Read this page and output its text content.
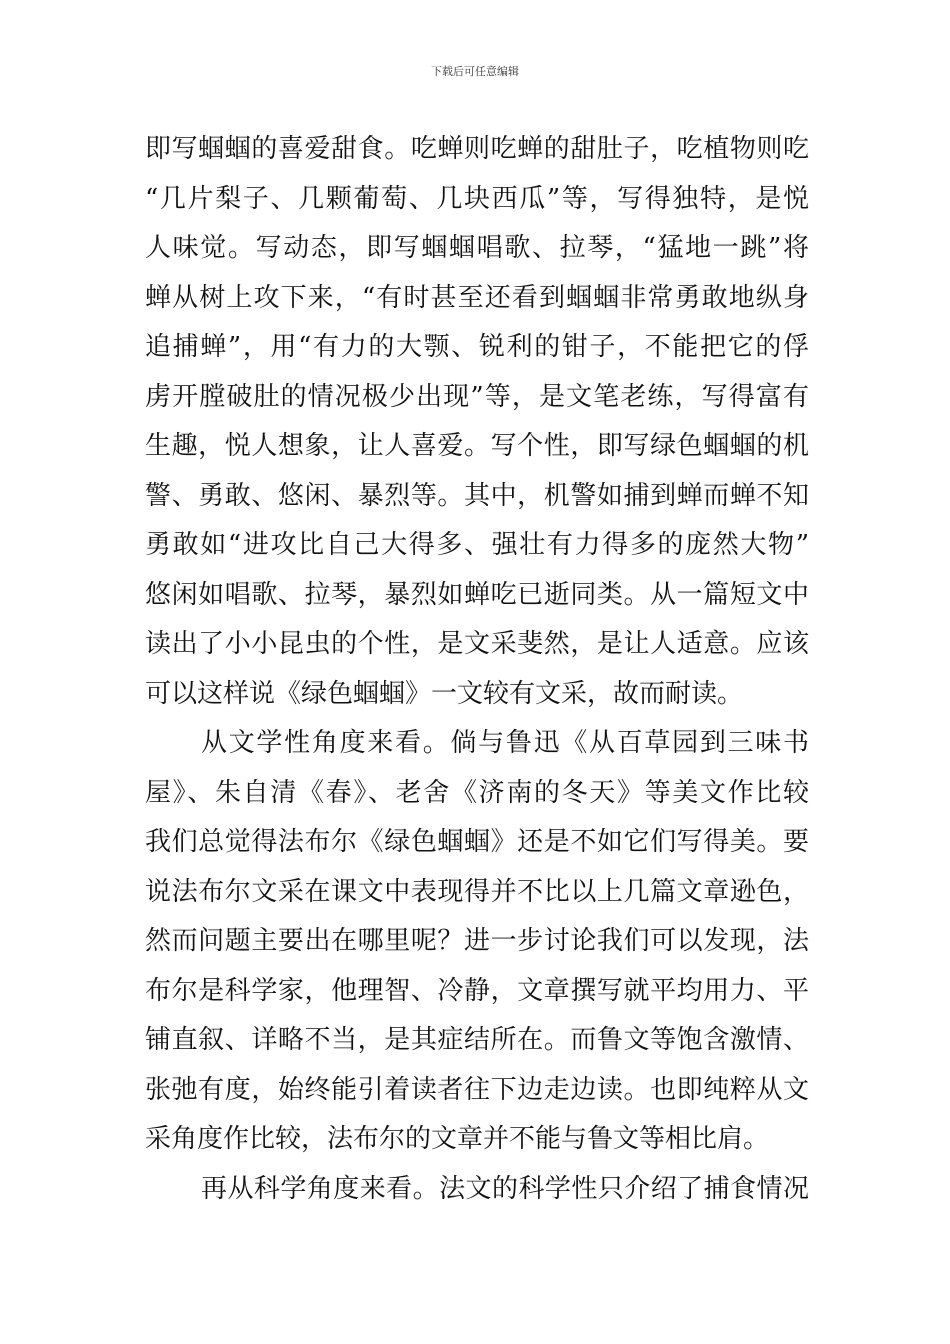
下载后可任意编辑
即写蝈蝈的喜爱甜食。吃蝉则吃蝉的甜肚子，吃植物则吃
“几片梨子、几颗葡萄、几块西瓜”等，写得独特，是悦
人味觉。写动态，即写蝈蝈唱歌、拉琴，“猛地一跳”将
蝉从树上攻下来，“有时甚至还看到蝈蝈非常勇敢地纵身
追捕蝉”，用“有力的大颚、锐利的钳子，不能把它的俘
虏开膛破肚的情况极少出现”等，是文笔老练，写得富有
生趣，悦人想象，让人喜爱。写个性，即写绿色蝈蝈的机
警、勇敢、悠闲、暴烈等。其中，机警如捕到蝉而蝉不知
勇敢如“进攻比自己大得多、强壮有力得多的庞然大物”
悠闲如唱歌、拉琴，暴烈如蝉吃已逝同类。从一篇短文中
读出了小小昆虫的个性，是文采斐然，是让人适意。应该
可以这样说《绿色蝈蝈》一文较有文采，故而耐读。
从文学性角度来看。倘与鲁迅《从百草园到三味书
屋》、朱自清《春》、老舍《济南的冬天》等美文作比较
我们总觉得法布尔《绿色蝈蝈》还是不如它们写得美。要
说法布尔文采在课文中表现得并不比以上几篇文章逊色，
然而问题主要出在哪里呢？进一步讨论我们可以发现，法
布尔是科学家，他理智、冷静，文章撰写就平均用力、平
铺直叙、详略不当，是其症结所在。而鲁文等饱含激情、
张弛有度，始终能引着读者往下边走边读。也即纯粹从文
采角度作比较，法布尔的文章并不能与鲁文等相比肩。
再从科学角度来看。法文的科学性只介绍了捕食情况
